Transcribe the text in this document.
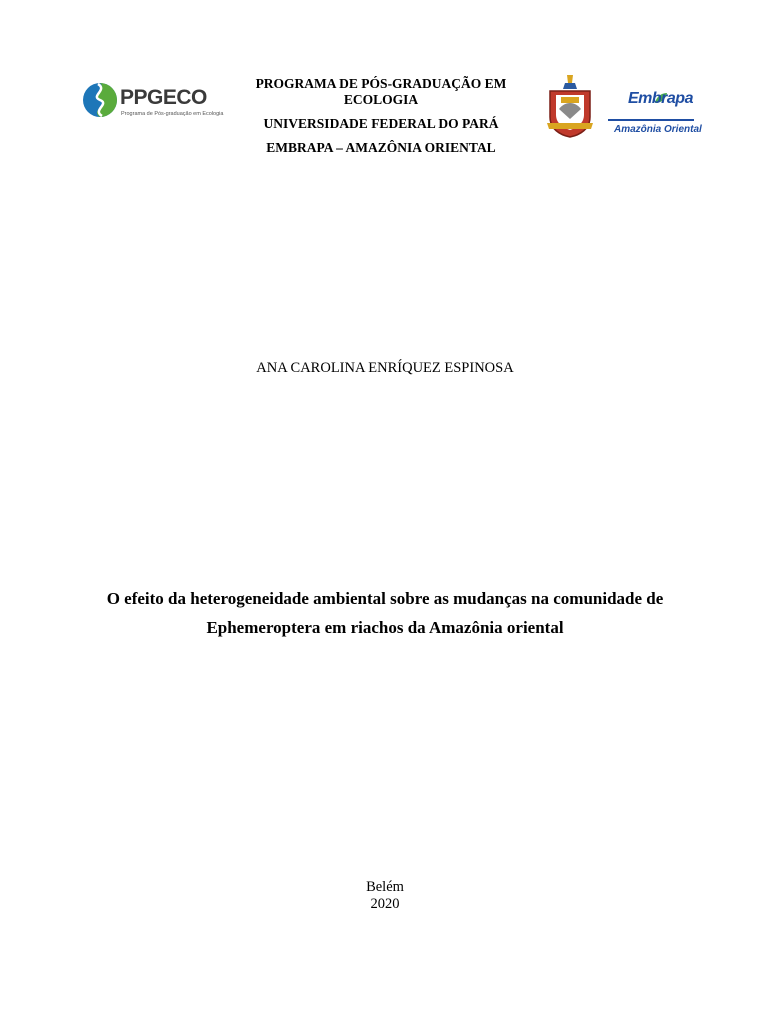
PPGECO
Programa de Pós-graduação em Ecologia
PROGRAMA DE PÓS-GRADUAÇÃO EM ECOLOGIA
UNIVERSIDADE FEDERAL DO PARÁ
EMBRAPA – AMAZÔNIA ORIENTAL
Embrapa
Amazônia Oriental
ANA CAROLINA ENRÍQUEZ ESPINOSA
O efeito da heterogeneidade ambiental sobre as mudanças na comunidade de
Ephemeroptera em riachos da Amazônia oriental
Belém
2020
